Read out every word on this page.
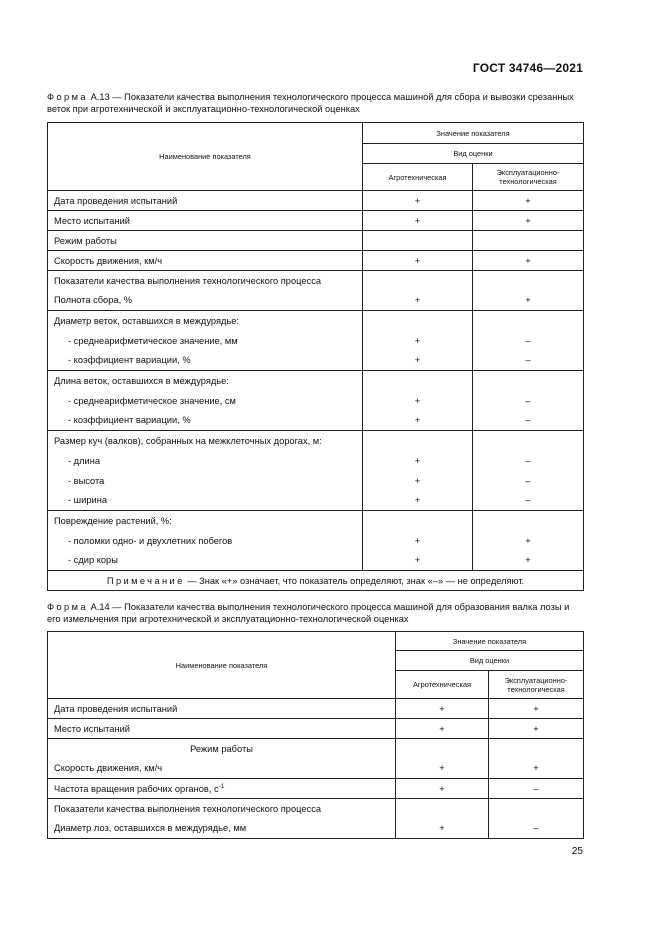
ГОСТ 34746—2021
Форма А.13 — Показатели качества выполнения технологического процесса машиной для сбора и вывозки срезанных веток при агротехнической и эксплуатационно-технологической оценках
Наименование показателя	Значение показателя	
	Вид оценки	
	Агротехническая	Эксплуатационно-технологическая
Дата проведения испытаний	+	+
Место испытаний	+	+
Режим работы		
Скорость движения, км/ч	+	+
Показатели качества выполнения технологического процесса		
Полнота сбора, %	+	+
Диаметр веток, оставшихся в междурядье:		
- среднеарифметическое значение, мм	+	–
- коэффициент вариации, %	+	–
Длина веток, оставшихся в междурядье:		
- среднеарифметическое значение, см	+	–
- коэффициент вариации, %	+	–
Размер куч (валков), собранных на межклеточных дорогах, м:		
- длина	+	–
- высота	+	–
- ширина	+	–
Повреждение растений, %:		
- поломки одно- и двухлетних побегов	+	+
- сдир коры	+	+
Примечание — Знак «+» означает, что показатель определяют, знак «–» — не определяют.		
Форма А.14 — Показатели качества выполнения технологического процесса машиной для образования валка лозы и его измельчения при агротехнической и эксплуатационно-технологической оценках
Наименование показателя	Значение показателя	
	Вид оценки	
	Агротехническая	Эксплуатационно-технологическая
Дата проведения испытаний	+	+
Место испытаний	+	+
Режим работы		
Скорость движения, км/ч	+	+
Частота вращения рабочих органов, $с^{-1}$	+	–
Показатели качества выполнения технологического процесса		
Диаметр лоз, оставшихся в междурядье, мм	+	–
25
